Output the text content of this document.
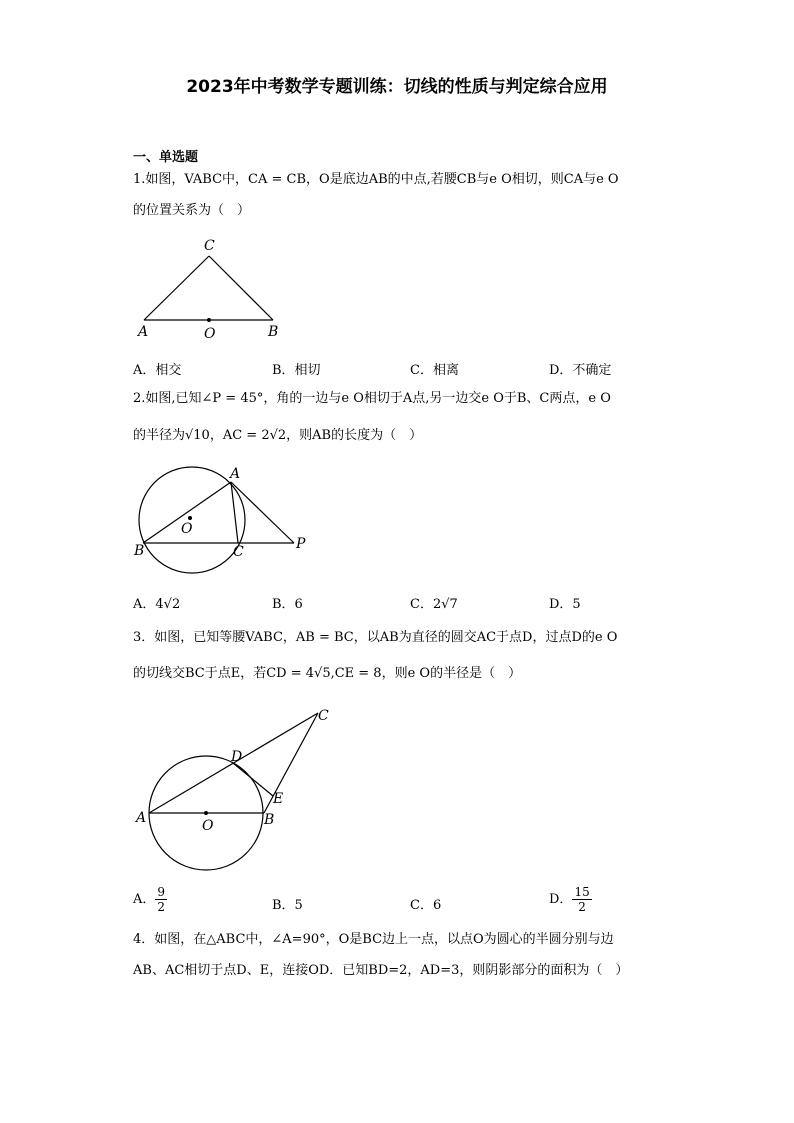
2023年中考数学专题训练：切线的性质与判定综合应用
一、单选题
1.如图，VABC中，CA = CB，O是底边AB的中点,若腰CB与e O相切，则CA与e O
的位置关系为（　）
C
A	O	B
A．相交	B．相切	C．相离	D．不确定
2.如图,已知∠P = 45°，角的一边与e O相切于A点,另一边交e O于B、C两点，e O
的半径为√10，AC = 2√2，则AB的长度为（　）
A
O
B	C	P
A．4√2	B．6	C．2√7	D．5
3．如图，已知等腰VABC，AB = BC，以AB为直径的圆交AC于点D，过点D的e O
的切线交BC于点E，若CD = 4√5,CE = 8，则e O的半径是（　）
C
D
E
A	O	B
A． $\frac{9}{2}$	B．5	C．6	D． $\frac{15}{2}$
4．如图，在△ABC中，∠A=90°，O是BC边上一点，以点O为圆心的半圆分别与边
AB、AC相切于点D、E，连接OD．已知BD=2，AD=3，则阴影部分的面积为（　）
